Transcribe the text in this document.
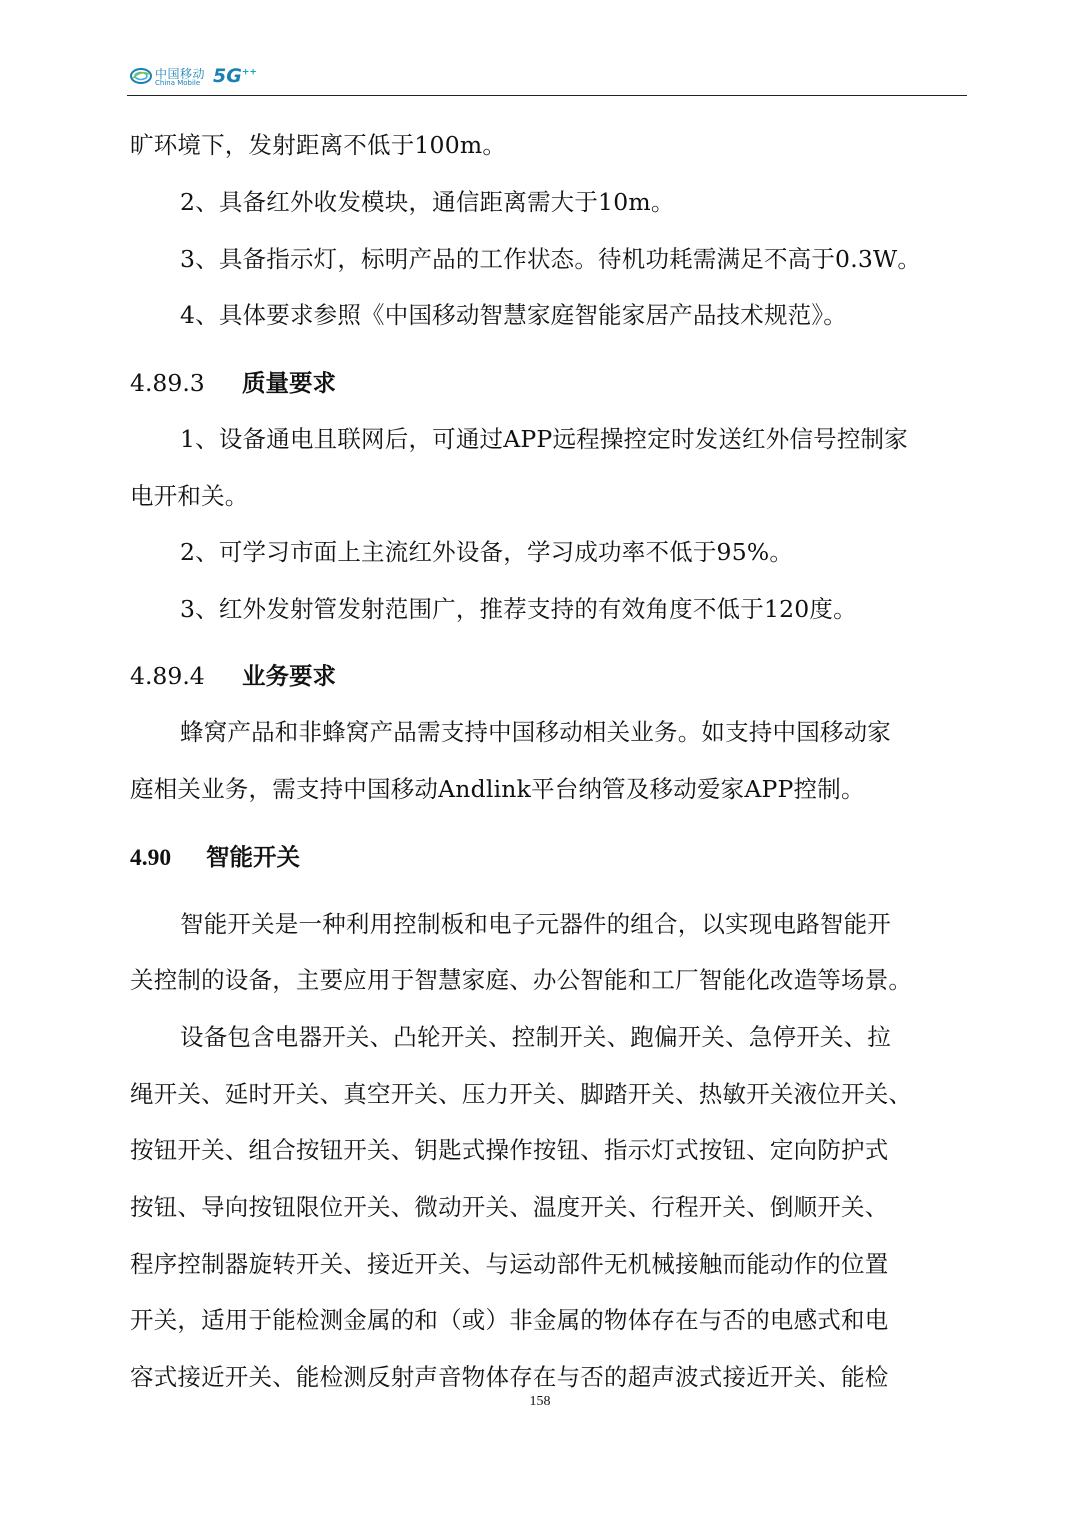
中国移动
China Mobile 5G++
旷环境下，发射距离不低于100m。
2、具备红外收发模块，通信距离需大于10m。
3、具备指示灯，标明产品的工作状态。待机功耗需满足不高于0.3W。
4、具体要求参照《中国移动智慧家庭智能家居产品技术规范》。
4.89.3 质量要求
1、设备通电且联网后，可通过APP远程操控定时发送红外信号控制家
电开和关。
2、可学习市面上主流红外设备，学习成功率不低于95%。
3、红外发射管发射范围广，推荐支持的有效角度不低于120度。
4.89.4 业务要求
蜂窝产品和非蜂窝产品需支持中国移动相关业务。如支持中国移动家
庭相关业务，需支持中国移动Andlink平台纳管及移动爱家APP控制。
4.90 智能开关
智能开关是一种利用控制板和电子元器件的组合，以实现电路智能开
关控制的设备，主要应用于智慧家庭、办公智能和工厂智能化改造等场景。
设备包含电器开关、凸轮开关、控制开关、跑偏开关、急停开关、拉
绳开关、延时开关、真空开关、压力开关、脚踏开关、热敏开关液位开关、
按钮开关、组合按钮开关、钥匙式操作按钮、指示灯式按钮、定向防护式
按钮、导向按钮限位开关、微动开关、温度开关、行程开关、倒顺开关、
程序控制器旋转开关、接近开关、与运动部件无机械接触而能动作的位置
开关，适用于能检测金属的和（或）非金属的物体存在与否的电感式和电
容式接近开关、能检测反射声音物体存在与否的超声波式接近开关、能检
158
